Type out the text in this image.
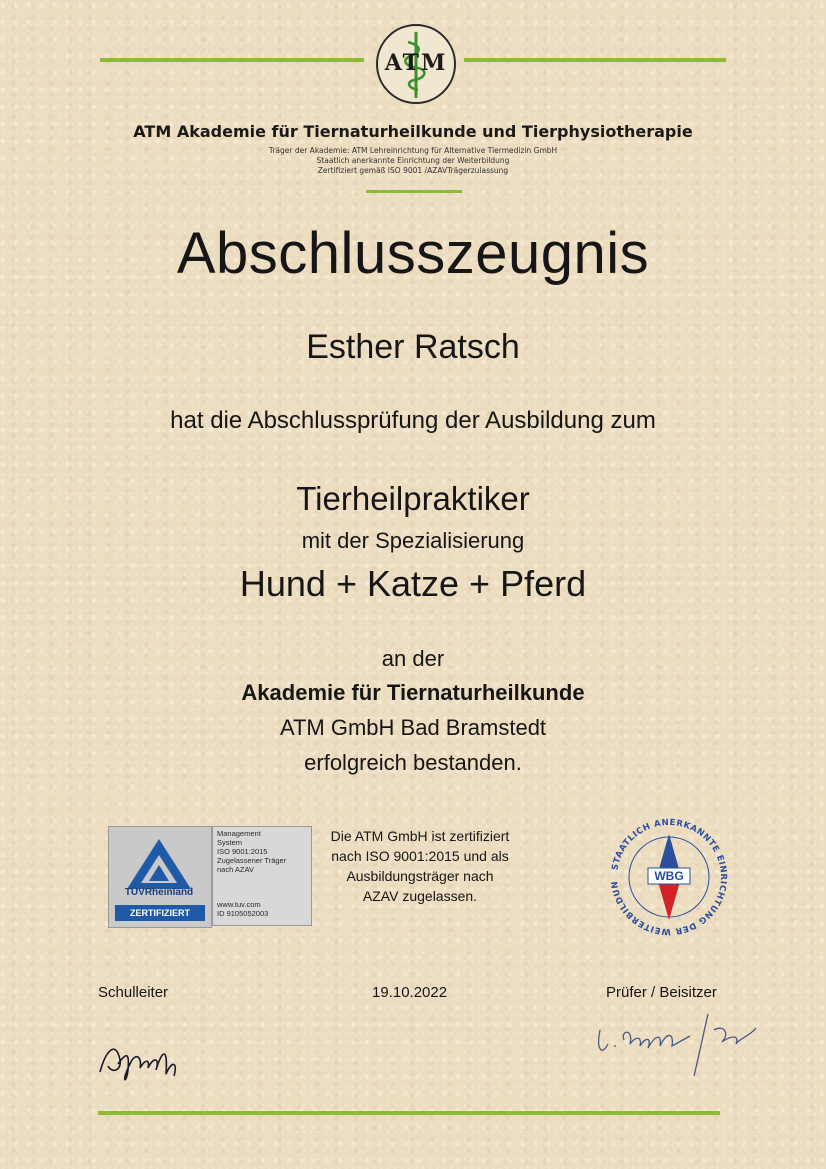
ATM
ATM Akademie für Tiernaturheilkunde und Tierphysiotherapie
Träger der Akademie: ATM Lehreinrichtung für Alternative Tiermedizin GmbH
Staatlich anerkannte Einrichtung der Weiterbildung
Zertifiziert gemäß ISO 9001 /AZAVTrägerzulassung
Abschlusszeugnis
Esther Ratsch
hat die Abschlussprüfung der Ausbildung zum
Tierheilpraktiker
mit der Spezialisierung
Hund + Katze + Pferd
an der
Akademie für Tiernaturheilkunde
ATM GmbH Bad Bramstedt
erfolgreich bestanden.
TÜVRheinland
ZERTIFIZIERT
Management
System
ISO 9001:2015
Zugelassener Träger
nach AZAV
www.tuv.com
ID 9105052003
Die ATM GmbH ist zertifiziert nach ISO 9001:2015 und als Ausbildungsträger nach AZAV zugelassen.
STAATLICH ANERKANNTE EINRICHTUNG DER WEITERBILDUN
WBG
Schulleiter	19.10.2022	Prüfer / Beisitzer
